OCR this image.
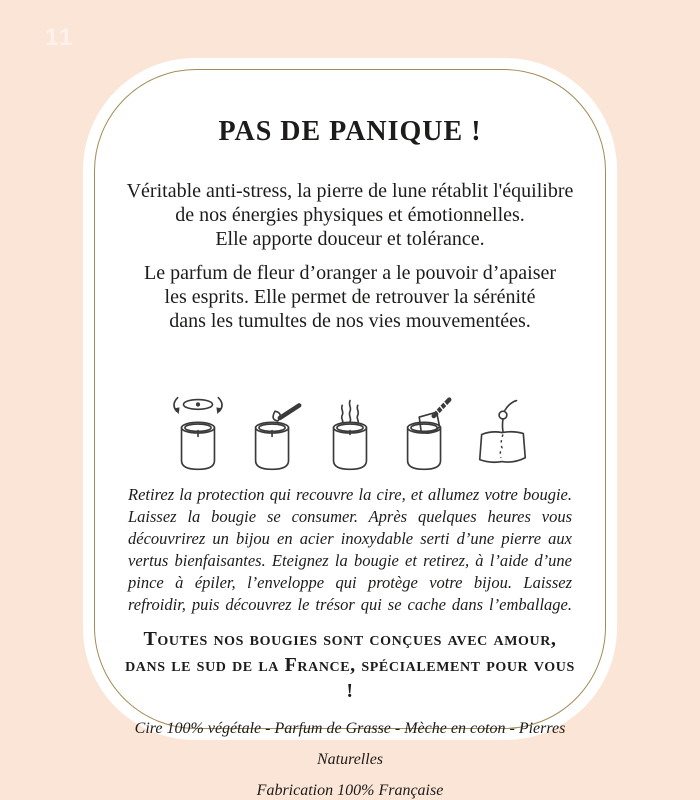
11
PAS DE PANIQUE !

Véritable anti-stress, la pierre de lune rétablit l'équilibre
de nos énergies physiques et émotionnelles.
Elle apporte douceur et tolérance.

Le parfum de fleur d’oranger a le pouvoir d’apaiser
les esprits. Elle permet de retrouver la sérénité
dans les tumultes de nos vies mouvementées.

Retirez la protection qui recouvre la cire, et allumez votre bougie. Laissez la bougie se consumer. Après quelques heures vous découvrirez un bijou en acier inoxydable serti d’une pierre aux vertus bienfaisantes. Eteignez la bougie et retirez, à l’aide d’une pince à épiler, l’enveloppe qui protège votre bijou. Laissez refroidir, puis découvrez le trésor qui se cache dans l’emballage.

Toutes nos bougies sont conçues avec amour,
dans le sud de la France, spécialement pour vous !

Cire 100% végétale - Parfum de Grasse - Mèche en coton - Pierres Naturelles
Fabrication 100% Française
